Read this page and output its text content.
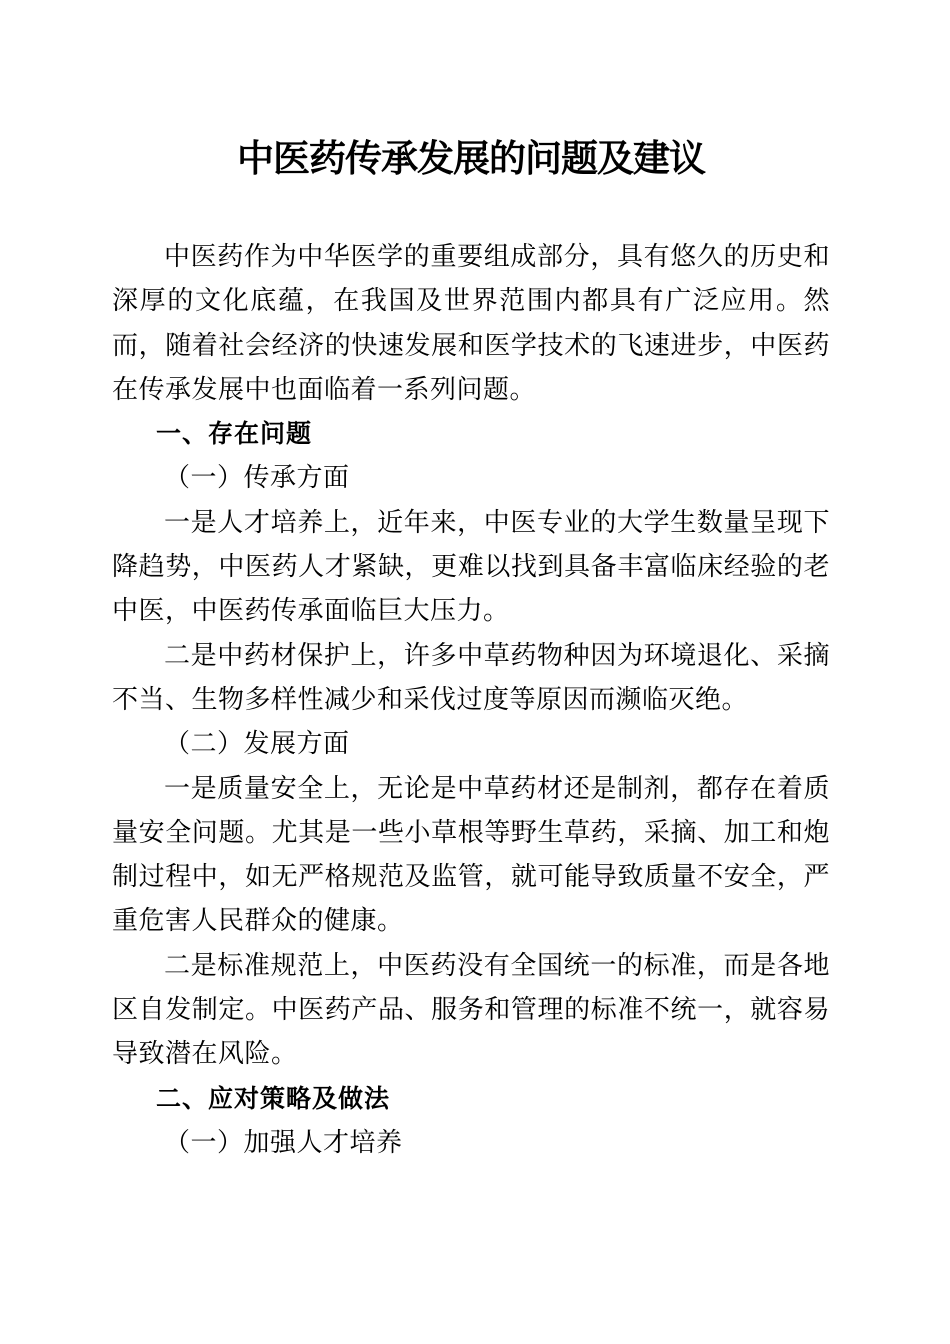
中医药传承发展的问题及建议

中医药作为中华医学的重要组成部分，具有悠久的历史和深厚的文化底蕴，在我国及世界范围内都具有广泛应用。然而，随着社会经济的快速发展和医学技术的飞速进步，中医药在传承发展中也面临着一系列问题。

一、存在问题
（一）传承方面

一是人才培养上，近年来，中医专业的大学生数量呈现下降趋势，中医药人才紧缺，更难以找到具备丰富临床经验的老中医，中医药传承面临巨大压力。

二是中药材保护上，许多中草药物种因为环境退化、采摘不当、生物多样性减少和采伐过度等原因而濒临灭绝。

（二）发展方面

一是质量安全上，无论是中草药材还是制剂，都存在着质量安全问题。尤其是一些小草根等野生草药，采摘、加工和炮制过程中，如无严格规范及监管，就可能导致质量不安全，严重危害人民群众的健康。

二是标准规范上，中医药没有全国统一的标准，而是各地区自发制定。中医药产品、服务和管理的标准不统一，就容易导致潜在风险。

二、应对策略及做法
（一）加强人才培养
